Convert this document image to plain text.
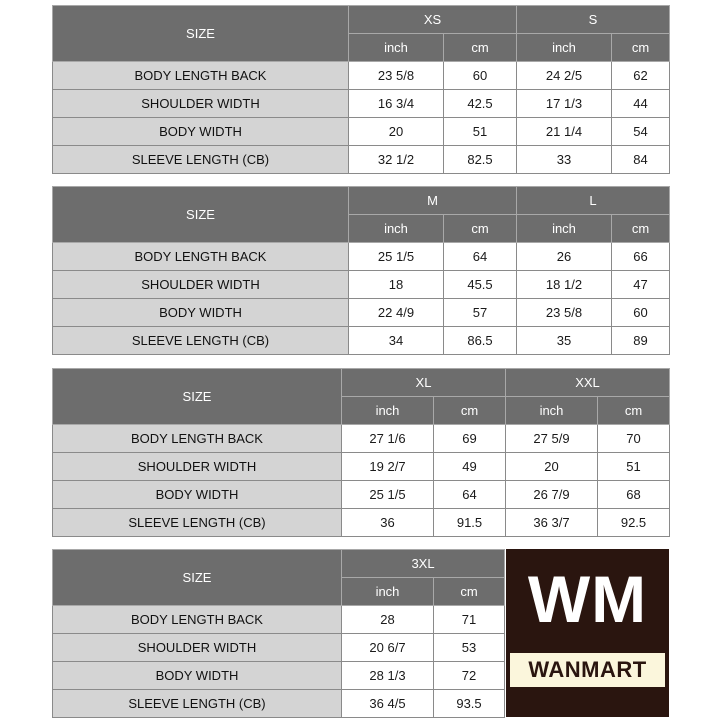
SIZE	XS		S	
	inch	cm	inch	cm
BODY LENGTH BACK	23 5/8	60	24 2/5	62
SHOULDER WIDTH	16 3/4	42.5	17 1/3	44
BODY WIDTH	20	51	21 1/4	54
SLEEVE LENGTH (CB)	32 1/2	82.5	33	84
SIZE	M		L	
	inch	cm	inch	cm
BODY LENGTH BACK	25 1/5	64	26	66
SHOULDER WIDTH	18	45.5	18 1/2	47
BODY WIDTH	22 4/9	57	23 5/8	60
SLEEVE LENGTH (CB)	34	86.5	35	89
SIZE	XL		XXL	
	inch	cm	inch	cm
BODY LENGTH BACK	27 1/6	69	27 5/9	70
SHOULDER WIDTH	19 2/7	49	20	51
BODY WIDTH	25 1/5	64	26 7/9	68
SLEEVE LENGTH (CB)	36	91.5	36 3/7	92.5
SIZE	3XL	
	inch	cm
BODY LENGTH BACK	28	71
SHOULDER WIDTH	20 6/7	53
BODY WIDTH	28 1/3	72
SLEEVE LENGTH (CB)	36 4/5	93.5
WM
WANMART
